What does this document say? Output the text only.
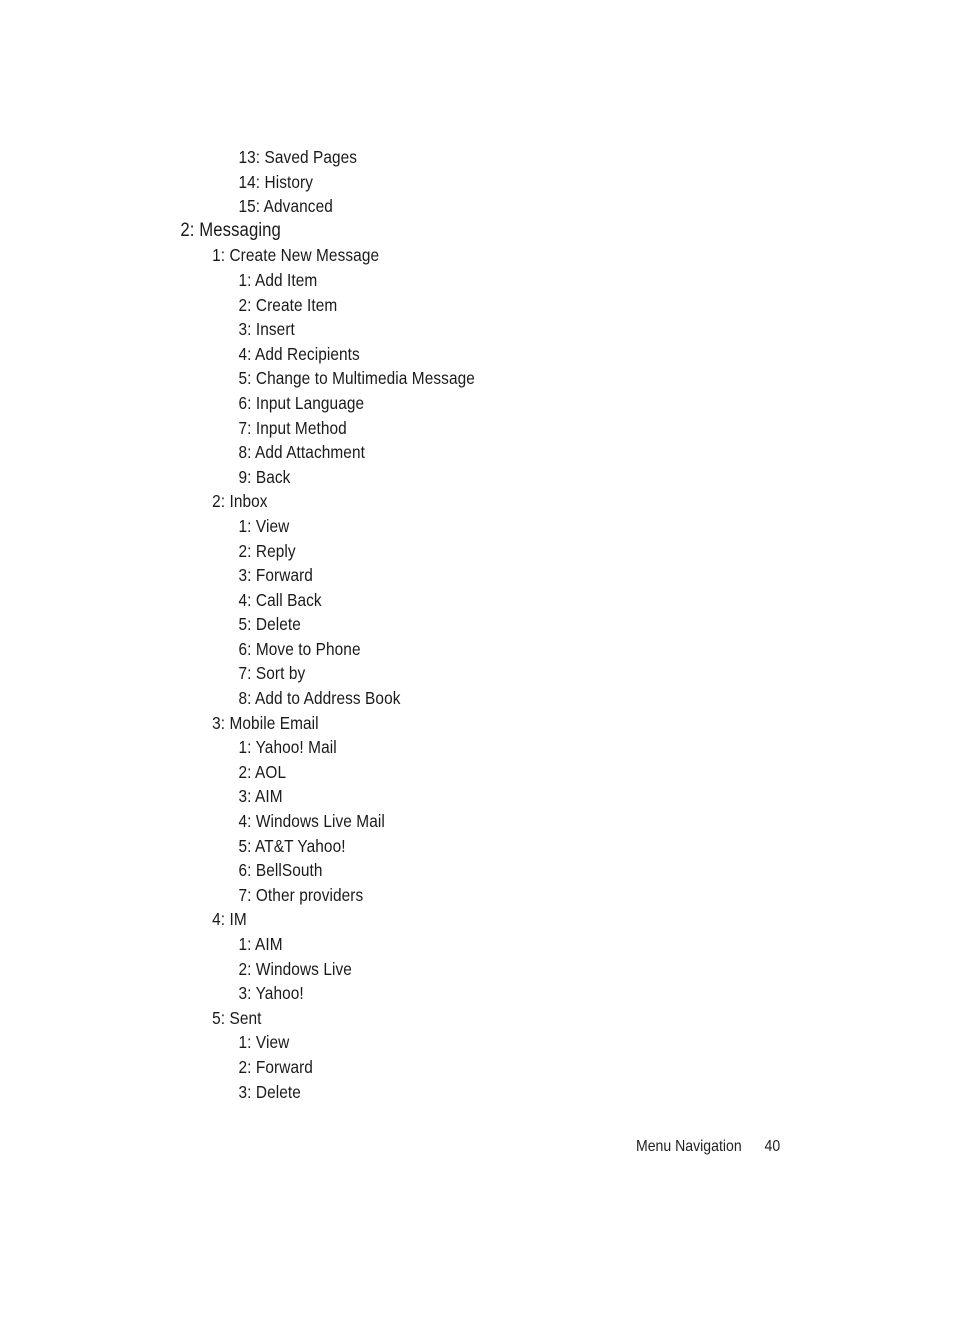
13: Saved Pages
14: History
15: Advanced
2: Messaging
1: Create New Message
1: Add Item
2: Create Item
3: Insert
4: Add Recipients
5: Change to Multimedia Message
6: Input Language
7: Input Method
8: Add Attachment
9: Back
2: Inbox
1: View
2: Reply
3: Forward
4: Call Back
5: Delete
6: Move to Phone
7: Sort by
8: Add to Address Book
3: Mobile Email
1: Yahoo! Mail
2: AOL
3: AIM
4: Windows Live Mail
5: AT&T Yahoo!
6: BellSouth
7: Other providers
4: IM
1: AIM
2: Windows Live
3: Yahoo!
5: Sent
1: View
2: Forward
3: Delete
Menu Navigation 40
